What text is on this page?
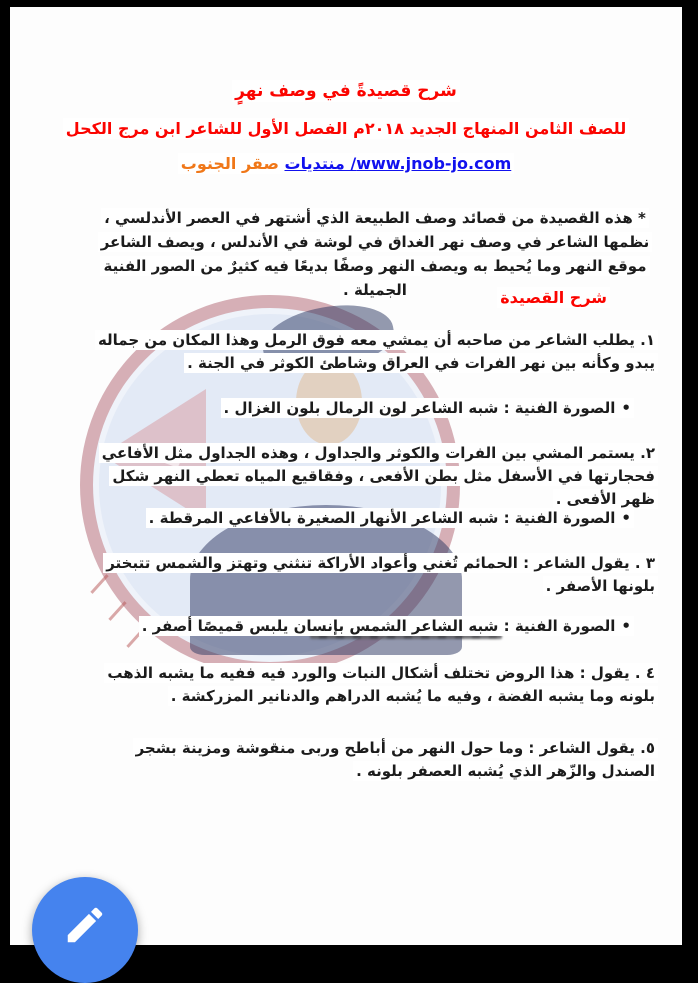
شرح قصيدةً في وصف نهرٍ
للصف الثامن المنهاج الجديد ٢٠١٨م الفصل الأول للشاعر ابن مرج الكحل
www.jnob-jo.com/ منتديات صقر الجنوب
* هذه القصيدة من قصائد وصف الطبيعة الذي أشتهر في العصر الأندلسي ، نظمها الشاعر في وصف نهر الغداق في لوشة في الأندلس ، ويصف الشاعر موقع النهر وما يُحيط به ويصف النهر وصفًا بديعًا فيه كثيرٌ من الصور الفنية الجميلة .	شرح القصيدة
١. يطلب الشاعر من صاحبه أن يمشي معه فوق الرمل وهذا المكان من جماله يبدو وكأنه بين نهر الفرات في العراق وشاطئ الكوثر في الجنة .
•الصورة الفنية : شبه الشاعر لون الرمال بلون الغزال .
٢. يستمر المشي بين الفرات والكوثر والجداول ، وهذه الجداول مثل الأفاعي فحجارتها في الأسفل مثل بطن الأفعى ، وفقاقيع المياه تعطي النهر شكل ظهر الأفعى .
•الصورة الفنية : شبه الشاعر الأنهار الصغيرة بالأفاعي المرقطة .
٣ . يقول الشاعر : الحمائم تُغني وأعواد الأراكة تنثني وتهتز والشمس تتبختر بلونها الأصفر .
•الصورة الفنية : شبه الشاعر الشمس بإنسان يلبس قميصًا أصفر .
٤ . يقول : هذا الروض تختلف أشكال النبات والورد فيه ففيه ما يشبه الذهب بلونه وما يشبه الفضة ، وفيه ما يُشبه الدراهم والدنانير المزركشة .
٥. يقول الشاعر : وما حول النهر من أباطح وربى منقوشة ومزينة بشجر الصندل والزّهر الذي يُشبه العصفر بلونه .
